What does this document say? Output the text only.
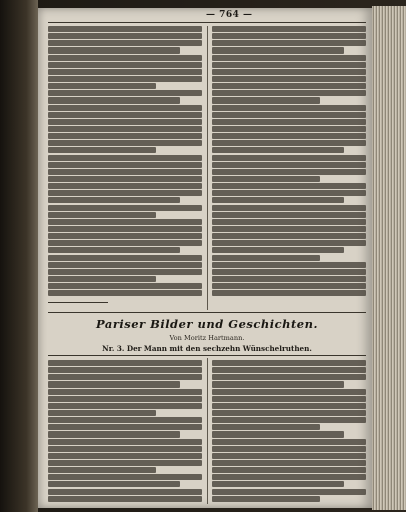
— 764 —
Pariser Bilder und Geschichten.
Von Moritz Hartmann.
Nr. 3. Der Mann mit den sechzehn Wünschelruthen.
